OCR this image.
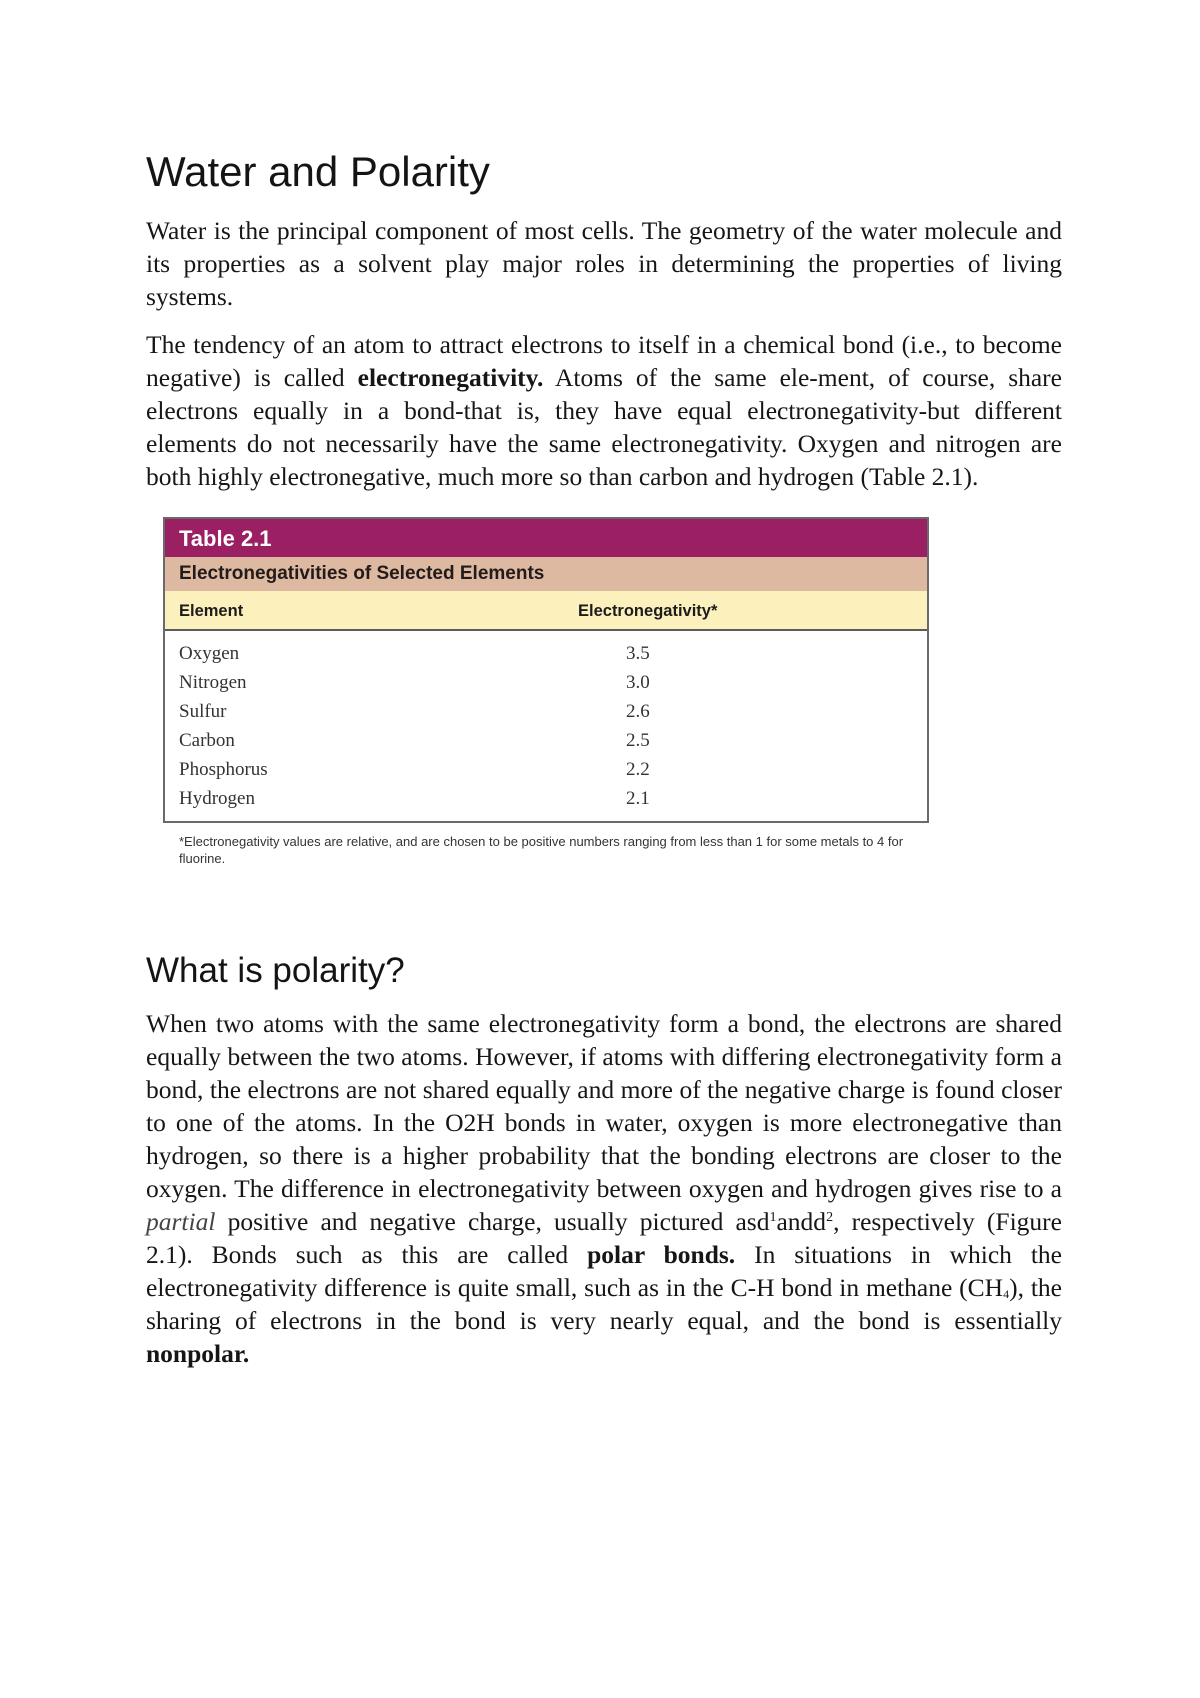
Water and Polarity

Water is the principal component of most cells. The geometry of the water molecule and its properties as a solvent play major roles in determining the properties of living systems.

The tendency of an atom to attract electrons to itself in a chemical bond (i.e., to become negative) is called electronegativity. Atoms of the same ele-ment, of course, share electrons equally in a bond-that is, they have equal electronegativity-but different elements do not necessarily have the same electronegativity. Oxygen and nitrogen are both highly electronegative, much more so than carbon and hydrogen (Table 2.1).

Table 2.1
Electronegativities of Selected Elements
Element	Electronegativity*
Oxygen	3.5
Nitrogen	3.0
Sulfur	2.6
Carbon	2.5
Phosphorus	2.2
Hydrogen	2.1
*Electronegativity values are relative, and are chosen to be positive numbers ranging from less than 1 for some metals to 4 for fluorine.
What is polarity?

When two atoms with the same electronegativity form a bond, the electrons are shared equally between the two atoms. However, if atoms with differing electronegativity form a bond, the electrons are not shared equally and more of the negative charge is found closer to one of the atoms. In the O2H bonds in water, oxygen is more electronegative than hydrogen, so there is a higher probability that the bonding electrons are closer to the oxygen. The difference in electronegativity between oxygen and hydrogen gives rise to a partial positive and negative charge, usually pictured asd$^1$andd$^2$, respectively (Figure 2.1). Bonds such as this are called polar bonds. In situations in which the electronegativity difference is quite small, such as in the C-H bond in methane $(CH_4)$, the sharing of electrons in the bond is very nearly equal, and the bond is essentially nonpolar.
